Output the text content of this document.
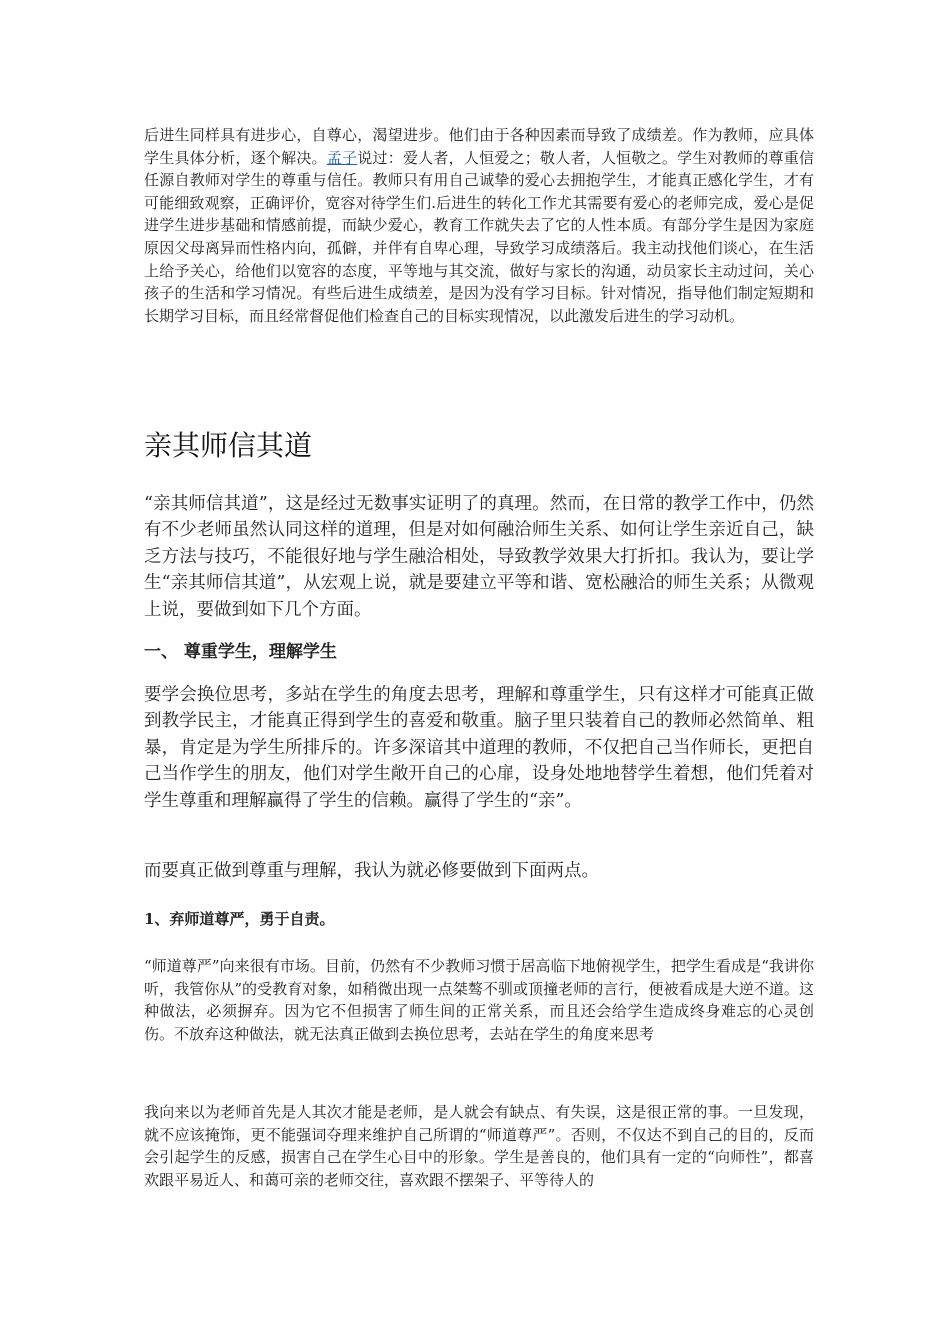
后进生同样具有进步心，自尊心，渴望进步。他们由于各种因素而导致了成绩差。作为教师，应具体学生具体分析，逐个解决。孟子说过：爱人者，人恒爱之；敬人者，人恒敬之。学生对教师的尊重信任源自教师对学生的尊重与信任。教师只有用自己诚挚的爱心去拥抱学生，才能真正感化学生，才有可能细致观察，正确评价，宽容对待学生们.后进生的转化工作尤其需要有爱心的老师完成，爱心是促进学生进步基础和情感前提，而缺少爱心，教育工作就失去了它的人性本质。有部分学生是因为家庭原因父母离异而性格内向，孤僻，并伴有自卑心理，导致学习成绩落后。我主动找他们谈心，在生活上给予关心，给他们以宽容的态度，平等地与其交流，做好与家长的沟通，动员家长主动过问，关心孩子的生活和学习情况。有些后进生成绩差，是因为没有学习目标。针对情况，指导他们制定短期和长期学习目标，而且经常督促他们检查自己的目标实现情况，以此激发后进生的学习动机。

亲其师信其道

“亲其师信其道”，这是经过无数事实证明了的真理。然而，在日常的教学工作中，仍然有不少老师虽然认同这样的道理，但是对如何融洽师生关系、如何让学生亲近自己，缺乏方法与技巧，不能很好地与学生融洽相处，导致教学效果大打折扣。我认为，要让学生“亲其师信其道”，从宏观上说，就是要建立平等和谐、宽松融洽的师生关系；从微观上说，要做到如下几个方面。

一、 尊重学生，理解学生

要学会换位思考，多站在学生的角度去思考，理解和尊重学生，只有这样才可能真正做到教学民主，才能真正得到学生的喜爱和敬重。脑子里只装着自己的教师必然简单、粗暴，肯定是为学生所排斥的。许多深谙其中道理的教师，不仅把自己当作师长，更把自己当作学生的朋友，他们对学生敞开自己的心扉，设身处地地替学生着想，他们凭着对学生尊重和理解赢得了学生的信赖。赢得了学生的“亲”。

而要真正做到尊重与理解，我认为就必修要做到下面两点。

1、弃师道尊严，勇于自责。

“师道尊严”向来很有市场。目前，仍然有不少教师习惯于居高临下地俯视学生，把学生看成是“我讲你听，我管你从”的受教育对象，如稍微出现一点桀骜不驯或顶撞老师的言行，便被看成是大逆不道。这种做法，必须摒弃。因为它不但损害了师生间的正常关系，而且还会给学生造成终身难忘的心灵创伤。不放弃这种做法，就无法真正做到去换位思考，去站在学生的角度来思考

我向来以为老师首先是人其次才能是老师，是人就会有缺点、有失误，这是很正常的事。一旦发现，就不应该掩饰，更不能强词夺理来维护自己所谓的“师道尊严”。否则，不仅达不到自己的目的，反而会引起学生的反感，损害自己在学生心目中的形象。学生是善良的，他们具有一定的“向师性”，都喜欢跟平易近人、和蔼可亲的老师交往，喜欢跟不摆架子、平等待人的
